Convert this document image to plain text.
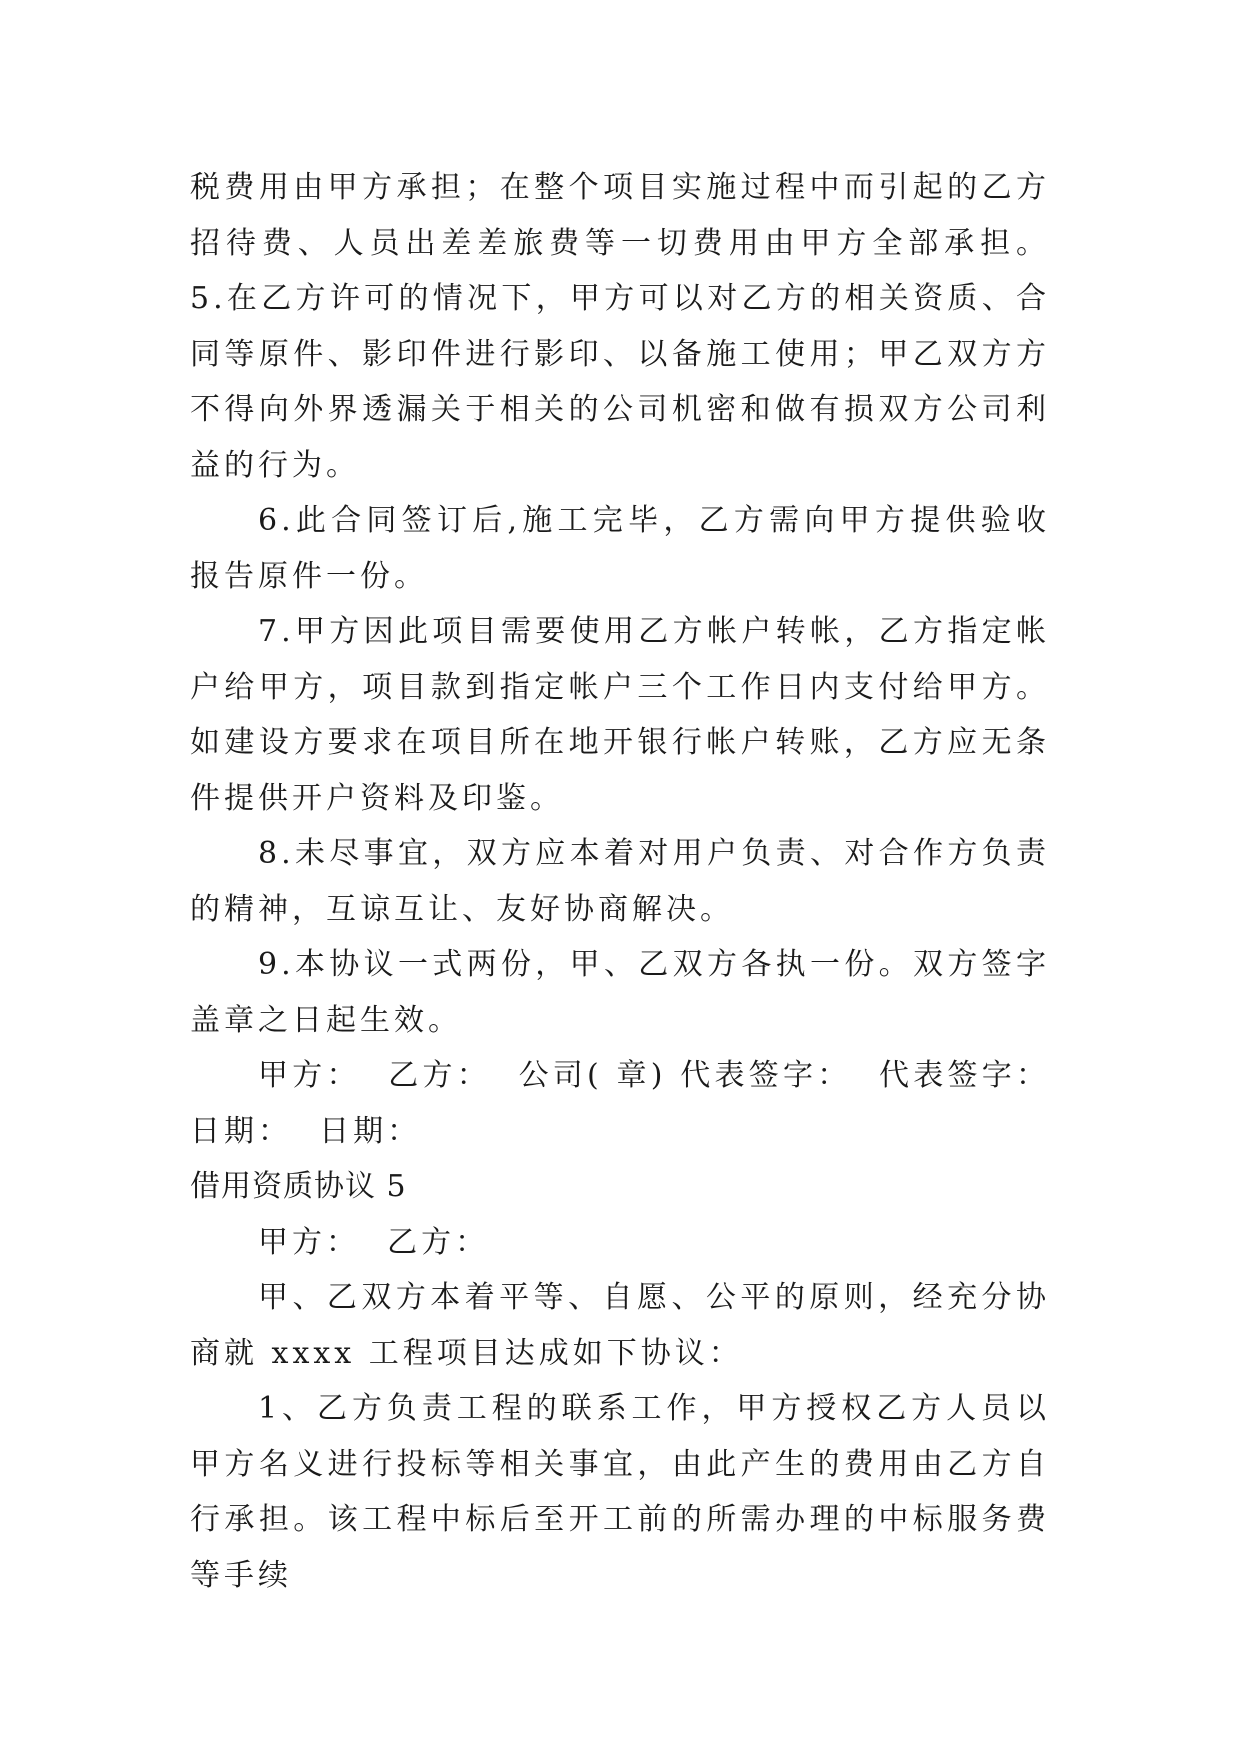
税费用由甲方承担；在整个项目实施过程中而引起的乙方招待费、人员出差差旅费等一切费用由甲方全部承担。 5.在乙方许可的情况下，甲方可以对乙方的相关资质、合同等原件、影印件进行影印、以备施工使用；甲乙双方方不得向外界透漏关于相关的公司机密和做有损双方公司利益的行为。

6.此合同签订后,施工完毕，乙方需向甲方提供验收报告原件一份。

7.甲方因此项目需要使用乙方帐户转帐，乙方指定帐户给甲方，项目款到指定帐户三个工作日内支付给甲方。如建设方要求在项目所在地开银行帐户转账，乙方应无条件提供开户资料及印鉴。

8.未尽事宜，双方应本着对用户负责、对合作方负责的精神，互谅互让、友好协商解决。

9.本协议一式两份，甲、乙双方各执一份。双方签字盖章之日起生效。

甲方：  乙方：  公司( 章) 代表签字：  代表签字：  日期：  日期：

借用资质协议 5

甲方：  乙方：

甲、乙双方本着平等、自愿、公平的原则，经充分协商就 xxxx 工程项目达成如下协议：

1、乙方负责工程的联系工作，甲方授权乙方人员以甲方名义进行投标等相关事宜，由此产生的费用由乙方自行承担。该工程中标后至开工前的所需办理的中标服务费等手续
